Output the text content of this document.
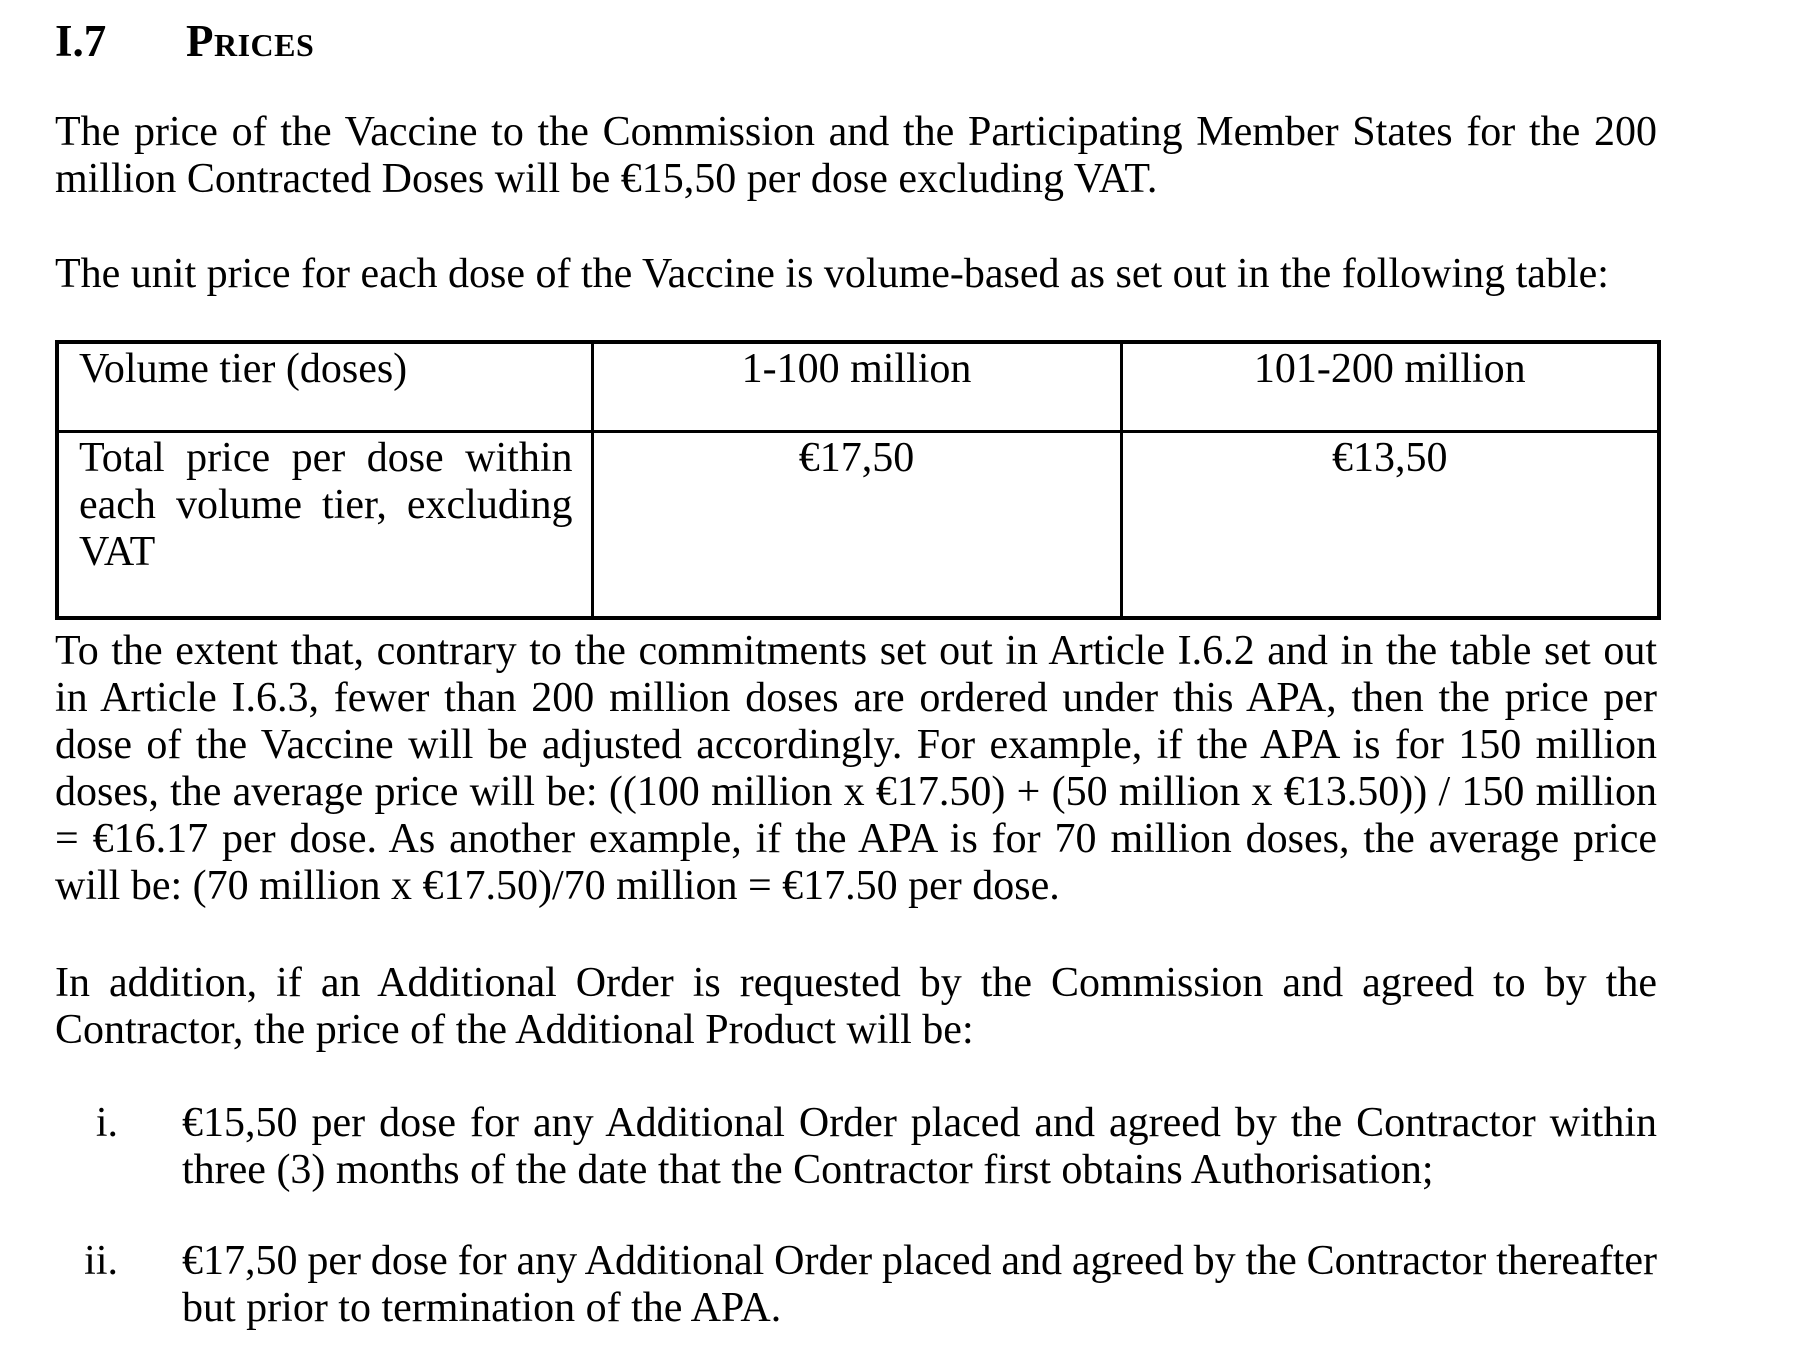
I.7 Prices
The price of the Vaccine to the Commission and the Participating Member States for the 200
million Contracted Doses will be €15,50 per dose excluding VAT.
The unit price for each dose of the Vaccine is volume-based as set out in the following table:
Volume tier (doses)	1-100 million	101-200 million

Total price per dose within
each volume tier, excluding
VAT	€17,50	€13,50
To the extent that, contrary to the commitments set out in Article I.6.2 and in the table set out
in Article I.6.3, fewer than 200 million doses are ordered under this APA, then the price per
dose of the Vaccine will be adjusted accordingly. For example, if the APA is for 150 million
doses, the average price will be: ((100 million x €17.50) + (50 million x €13.50)) / 150 million
= €16.17 per dose. As another example, if the APA is for 70 million doses, the average price
will be: (70 million x €17.50)/70 million = €17.50 per dose.
In addition, if an Additional Order is requested by the Commission and agreed to by the
Contractor, the price of the Additional Product will be:
i. €15,50 per dose for any Additional Order placed and agreed by the Contractor within
three (3) months of the date that the Contractor first obtains Authorisation;
ii. €17,50 per dose for any Additional Order placed and agreed by the Contractor thereafter
but prior to termination of the APA.
